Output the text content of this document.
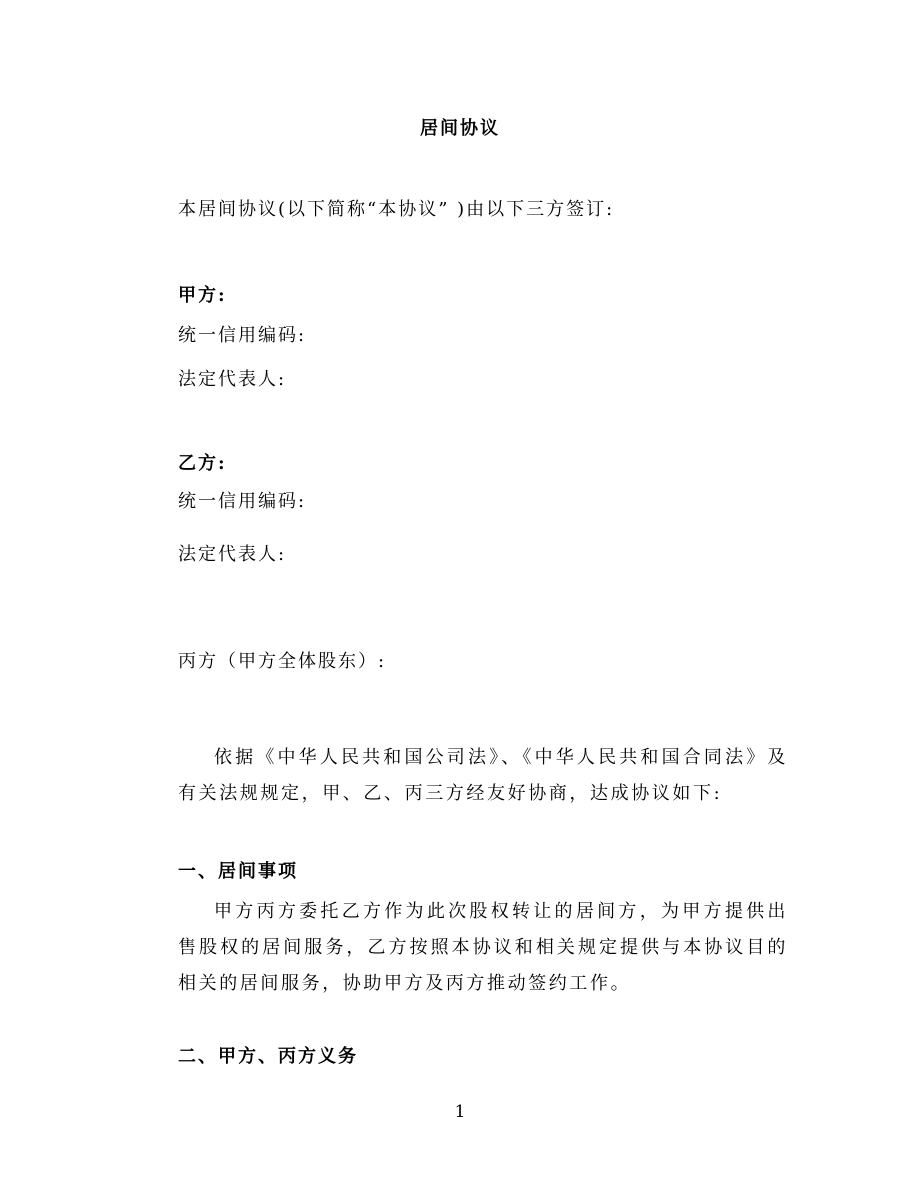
居间协议
本居间协议(以下简称“本协议” )由以下三方签订:
甲方:
统一信用编码:
法定代表人:
乙方:
统一信用编码:
法定代表人:
丙方（甲方全体股东）:
依据《中华人民共和国公司法》、《中华人民共和国合同法》及有关法规规定，甲、乙、丙三方经友好协商，达成协议如下:
一、居间事项
甲方丙方委托乙方作为此次股权转让的居间方，为甲方提供出售股权的居间服务，乙方按照本协议和相关规定提供与本协议目的相关的居间服务，协助甲方及丙方推动签约工作。
二、甲方、丙方义务
1
